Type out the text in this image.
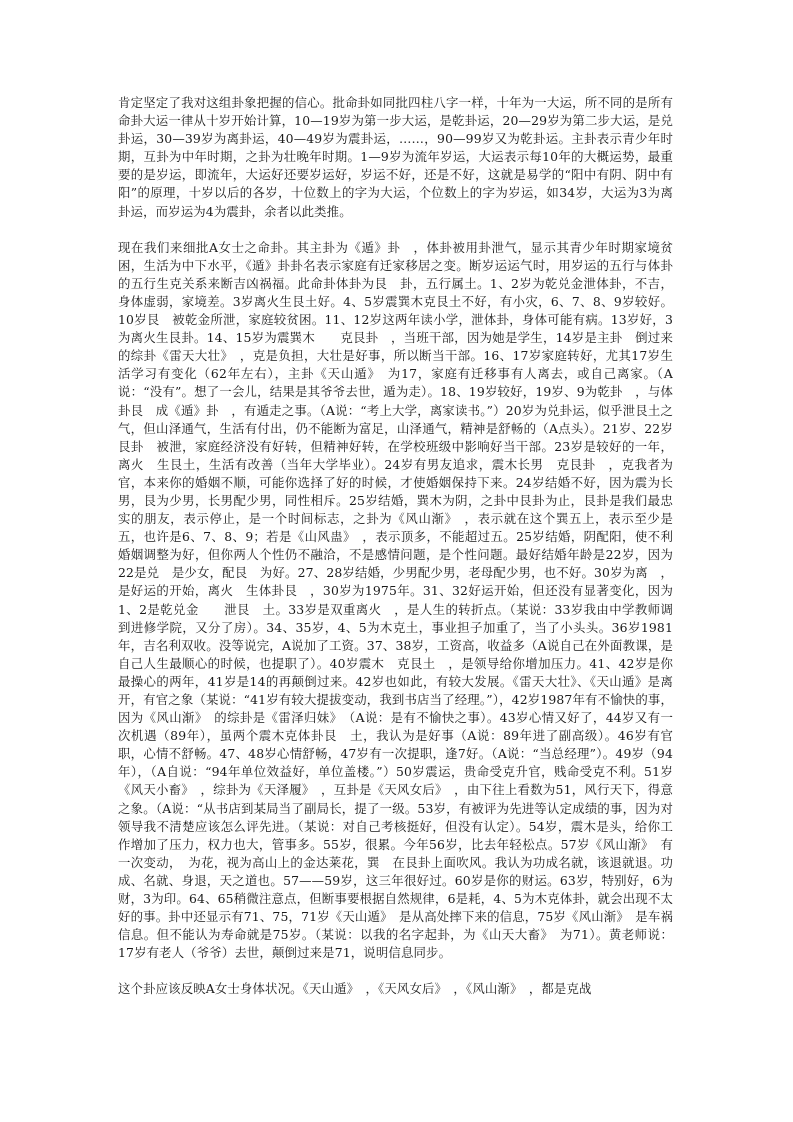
肯定坚定了我对这组卦象把握的信心。批命卦如同批四柱八字一样，十年为一大运，所不同的是所有命卦大运一律从十岁开始计算，10—19岁为第一步大运，是乾卦运，20—29岁为第二步大运，是兑卦运，30—39岁为离卦运，40—49岁为震卦运，……，90—99岁又为乾卦运。主卦表示青少年时期，互卦为中年时期，之卦为壮晚年时期。1—9岁为流年岁运，大运表示每10年的大概运势，最重要的是岁运，即流年，大运好还要岁运好，岁运不好，还是不好，这就是易学的“阳中有阴、阴中有阳”的原理，十岁以后的各岁，十位数上的字为大运，个位数上的字为岁运，如34岁，大运为3为离卦运，而岁运为4为震卦，余者以此类推。

现在我们来细批A女士之命卦。其主卦为《遁》卦　，体卦被用卦泄气，显示其青少年时期家境贫困，生活为中下水平，《遁》卦卦名表示家庭有迁家移居之变。断岁运运气时，用岁运的五行与体卦的五行生克关系来断吉凶祸福。此命卦体卦为艮　卦，五行属土。1、2岁为乾兑金泄体卦，不吉，身体虚弱，家境差。3岁离火生艮土好。4、5岁震巽木克艮土不好，有小灾，6、7、8、9岁较好。10岁艮　被乾金所泄，家庭较贫困。11、12岁这两年读小学，泄体卦，身体可能有病。13岁好，3为离火生艮卦。14、15岁为震巽木　　克艮卦　，当班干部，因为她是学生，14岁是主卦　倒过来的综卦《雷天大壮》　，克是负担，大壮是好事，所以断当干部。16、17岁家庭转好，尤其17岁生活学习有变化（62年左右），主卦《天山遁》　为17，家庭有迁移事有人离去，或自己离家。（A说：“没有”。想了一会儿，结果是其爷爷去世，遁为走）。18、19岁较好，19岁、9为乾卦　，与体卦艮　成《遁》卦　，有遁走之事。（A说：“考上大学，离家读书。”）20岁为兑卦运，似乎泄艮土之气，但山泽通气，生活有付出，仍不能断为富足，山泽通气，精神是舒畅的（A点头）。21岁、22岁艮卦　被泄，家庭经济没有好转，但精神好转，在学校班级中影响好当干部。23岁是较好的一年，离火　生艮土，生活有改善（当年大学毕业）。24岁有男友追求，震木长男　克艮卦　，克我者为官，本来你的婚姻不顺，可能你选择了好的时候，才使婚姻保持下来。24岁结婚不好，因为震为长男，艮为少男，长男配少男，同性相斥。25岁结婚，巽木为阴，之卦中艮卦为止，艮卦是我们最忠实的朋友，表示停止，是一个时间标志，之卦为《风山渐》　，表示就在这个巽五上，表示至少是五，也许是6、7、8、9；若是《山风蛊》　，表示顶多，不能超过五。25岁结婚，阴配阳，使不利婚姻调整为好，但你两人个性仍不融洽，不是感情问题，是个性问题。最好结婚年龄是22岁，因为22是兑　是少女，配艮　为好。27、28岁结婚，少男配少男，老母配少男，也不好。30岁为离　，是好运的开始，离火　生体卦艮　，30岁为1975年。31、32好运开始，但还没有显著变化，因为1、2是乾兑金　　泄艮　土。33岁是双重离火　，是人生的转折点。（某说：33岁我由中学教师调到进修学院，又分了房）。34、35岁，4、5为木克土，事业担子加重了，当了小头头。36岁1981年，吉名利双收。没等说完，A说加了工资。37、38岁，工资高，收益多（A说自己在外面教课，是自己人生最顺心的时候，也提职了）。40岁震木　克艮土　，是领导给你增加压力。41、42岁是你最操心的两年，41岁是14的再颠倒过来。42岁也如此，有较大发展。《雷天大壮》、《天山遁》是离开，有官之象（某说：“41岁有较大提拔变动，我到书店当了经理。”），42岁1987年有不愉快的事，因为《风山渐》　的综卦是《雷泽归妹》　（A说：是有不愉快之事）。43岁心情又好了，44岁又有一次机遇（89年），虽两个震木克体卦艮　土，我认为是好事（A说：89年进了副高级）。46岁有官职，心情不舒畅。47、48岁心情舒畅，47岁有一次提职，逢7好。（A说：“当总经理”）。49岁（94年），（A自说：“94年单位效益好，单位盖楼。”）50岁震运，贵命受克升官，贱命受克不利。51岁《风天小畜》　，综卦为《天泽履》　，互卦是《天风女后》　，由下往上看数为51，风行天下，得意之象。（A说：“从书店到某局当了副局长，提了一级。53岁，有被评为先进等认定成绩的事，因为对领导我不清楚应该怎么评先进。（某说：对自己考核挺好，但没有认定）。54岁，震木是头，给你工作增加了压力，权力也大，管事多。55岁，很累。今年56岁，比去年轻松点。57岁《风山渐》　有一次变动，　为花，视为高山上的金达莱花，巽　在艮卦上面吹风。我认为功成名就，该退就退。功成、名就、身退，天之道也。57——59岁，这三年很好过。60岁是你的财运。63岁，特别好，6为财，3为印。64、65稍微注意点，但断事要根据自然规律，6是耗，4、5为木克体卦，就会出现不太好的事。卦中还显示有71、75，71岁《天山遁》　是从高处摔下来的信息，75岁《风山渐》　是车祸信息。但不能认为寿命就是75岁。（某说：以我的名字起卦，为《山天大畜》　为71）。黄老师说：17岁有老人（爷爷）去世，颠倒过来是71，说明信息同步。

这个卦应该反映A女士身体状况。《天山遁》　，《天风女后》　，《风山渐》　，都是克战
